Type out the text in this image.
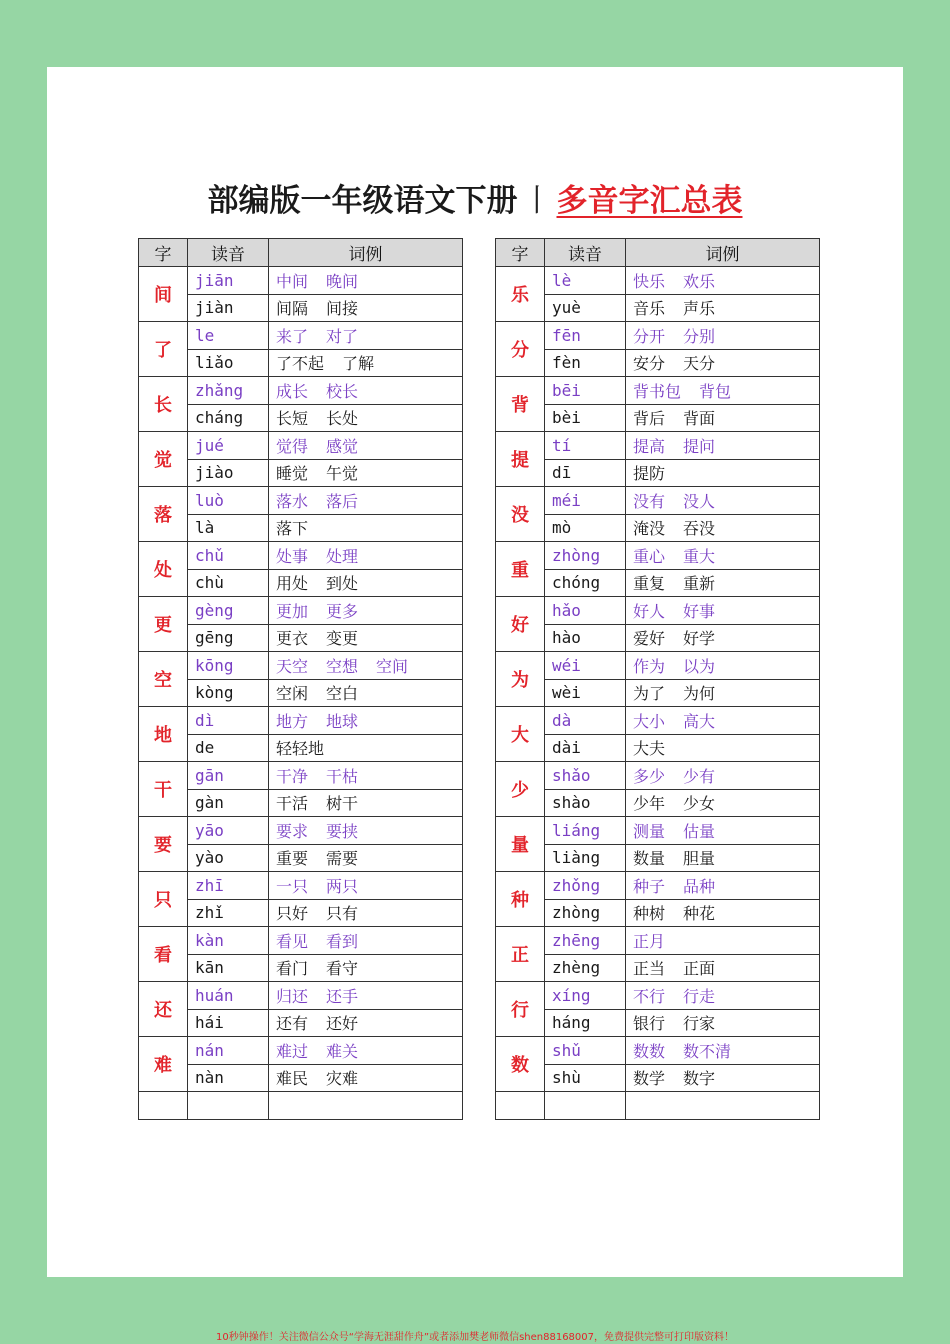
部编版一年级语文下册 丨 多音字汇总表
字	读音	词例
间	jiān	中间 晚间
	jiàn	间隔 间接
了	le	来了 对了
	liǎo	了不起 了解
长	zhǎng	成长 校长
	cháng	长短 长处
觉	jué	觉得 感觉
	jiào	睡觉 午觉
落	luò	落水 落后
	là	落下
处	chǔ	处事 处理
	chù	用处 到处
更	gèng	更加 更多
	gēng	更衣 变更
空	kōng	天空 空想 空间
	kòng	空闲 空白
地	dì	地方 地球
	de	轻轻地
干	gān	干净 干枯
	gàn	干活 树干
要	yāo	要求 要挟
	yào	重要 需要
只	zhī	一只 两只
	zhǐ	只好 只有
看	kàn	看见 看到
	kān	看门 看守
还	huán	归还 还手
	hái	还有 还好
难	nán	难过 难关
	nàn	难民 灾难

字	读音	词例
乐	lè	快乐 欢乐
	yuè	音乐 声乐
分	fēn	分开 分别
	fèn	安分 天分
背	bēi	背书包 背包
	bèi	背后 背面
提	tí	提高 提问
	dī	提防
没	méi	没有 没人
	mò	淹没 吞没
重	zhòng	重心 重大
	chóng	重复 重新
好	hǎo	好人 好事
	hào	爱好 好学
为	wéi	作为 以为
	wèi	为了 为何
大	dà	大小 高大
	dài	大夫
少	shǎo	多少 少有
	shào	少年 少女
量	liáng	测量 估量
	liàng	数量 胆量
种	zhǒng	种子 品种
	zhòng	种树 种花
正	zhēng	正月
	zhèng	正当 正面
行	xíng	不行 行走
	háng	银行 行家
数	shǔ	数数 数不清
	shù	数学 数字

10秒钟操作！关注微信公众号“学海无涯甜作舟”或者添加樊老师微信shen88168007，免费提供完整可打印版资料！
